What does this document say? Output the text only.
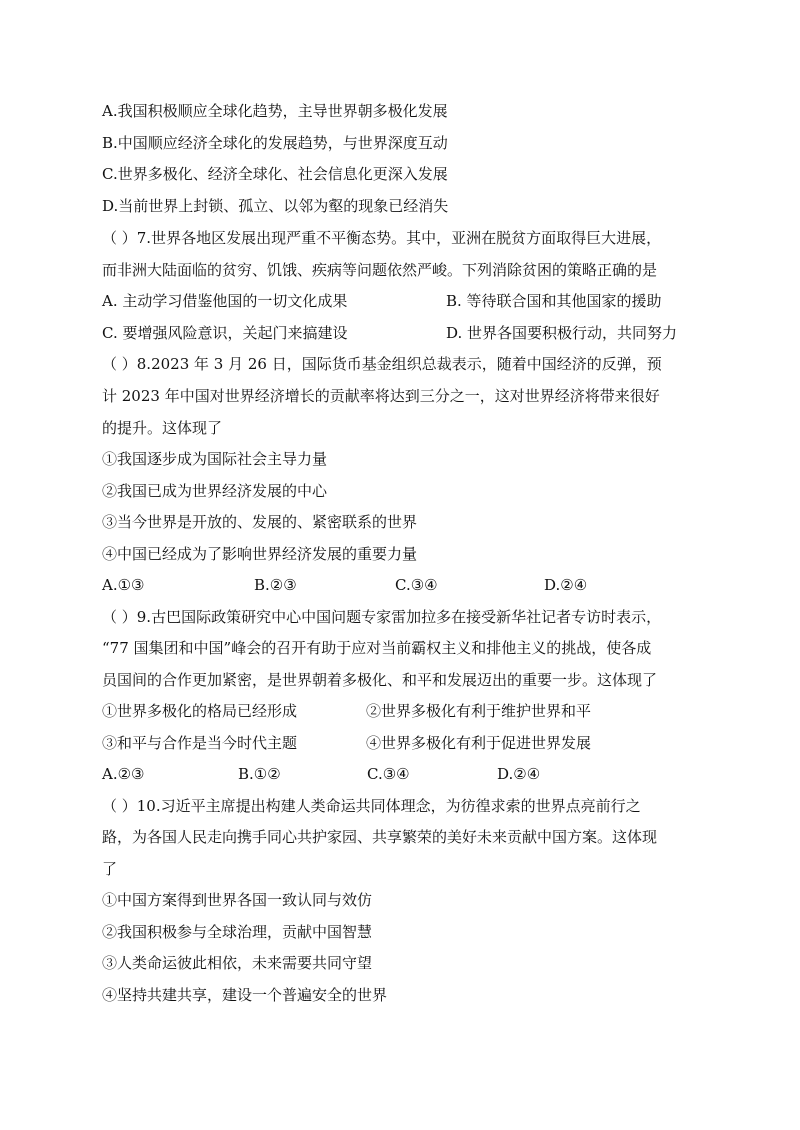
A.我国积极顺应全球化趋势，主导世界朝多极化发展
B.中国顺应经济全球化的发展趋势，与世界深度互动
C.世界多极化、经济全球化、社会信息化更深入发展
D.当前世界上封锁、孤立、以邻为壑的现象已经消失
（ ）7.世界各地区发展出现严重不平衡态势。其中，亚洲在脱贫方面取得巨大进展，
而非洲大陆面临的贫穷、饥饿、疾病等问题依然严峻。下列消除贫困的策略正确的是
A. 主动学习借鉴他国的一切文化成果	B. 等待联合国和其他国家的援助
C. 要增强风险意识，关起门来搞建设	D. 世界各国要积极行动，共同努力
（ ）8.2023 年 3 月 26 日，国际货币基金组织总裁表示，随着中国经济的反弹，预
计 2023 年中国对世界经济增长的贡献率将达到三分之一，这对世界经济将带来很好
的提升。这体现了
①我国逐步成为国际社会主导力量
②我国已成为世界经济发展的中心
③当今世界是开放的、发展的、紧密联系的世界
④中国已经成为了影响世界经济发展的重要力量
A.①③	B.②③	C.③④	D.②④
（ ）9.古巴国际政策研究中心中国问题专家雷加拉多在接受新华社记者专访时表示，
“77 国集团和中国”峰会的召开有助于应对当前霸权主义和排他主义的挑战，使各成
员国间的合作更加紧密，是世界朝着多极化、和平和发展迈出的重要一步。这体现了
①世界多极化的格局已经形成	②世界多极化有利于维护世界和平
③和平与合作是当今时代主题	④世界多极化有利于促进世界发展
A.②③	B.①②	C.③④	D.②④
（ ）10.习近平主席提出构建人类命运共同体理念，为彷徨求索的世界点亮前行之
路，为各国人民走向携手同心共护家园、共享繁荣的美好未来贡献中国方案。这体现
了
①中国方案得到世界各国一致认同与效仿
②我国积极参与全球治理，贡献中国智慧
③人类命运彼此相依，未来需要共同守望
④坚持共建共享，建设一个普遍安全的世界
